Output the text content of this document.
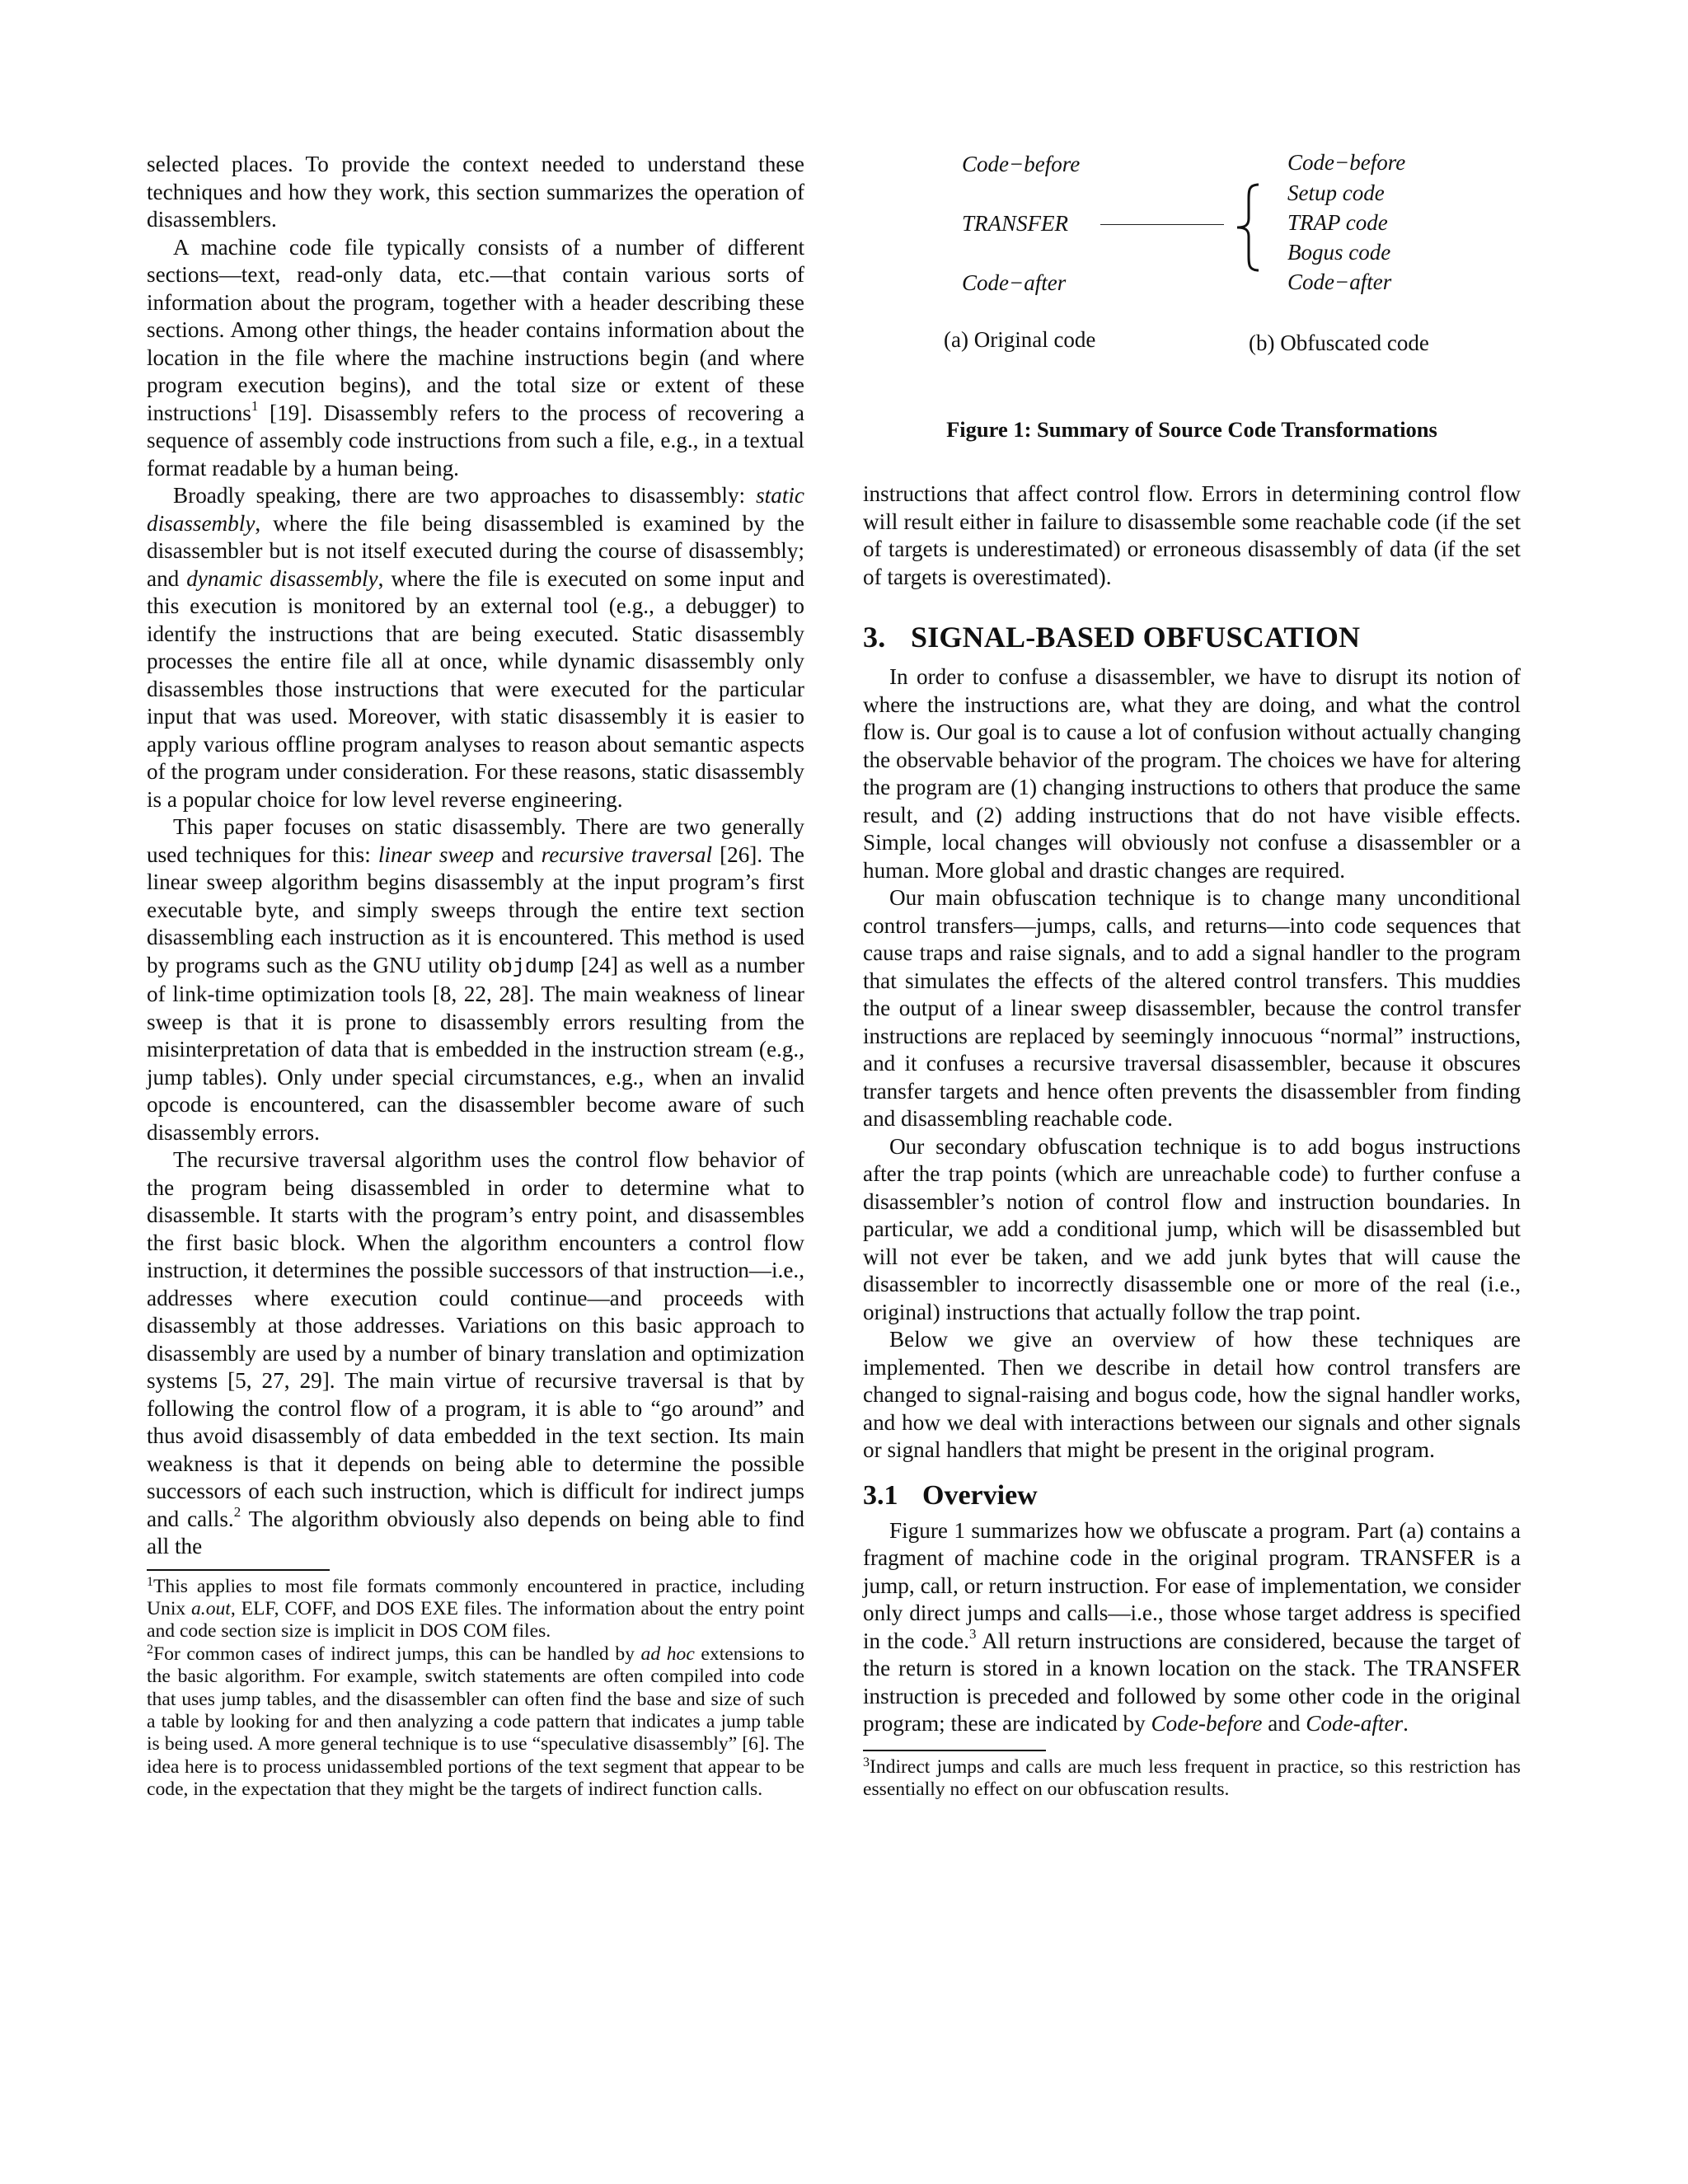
Code−before
TRANSFER
Code−after
Code−before
Setup code
TRAP code
Bogus code
Code−after
(a) Original code	(b) Obfuscated code
Figure 1: Summary of Source Code Transformations

selected places. To provide the context needed to understand these techniques and how they work, this section summarizes the operation of disassemblers.

A machine code file typically consists of a number of different sections—text, read-only data, etc.—that contain various sorts of information about the program, together with a header describing these sections. Among other things, the header contains information about the location in the file where the machine instructions begin (and where program execution begins), and the total size or extent of these instructions$^1$ [19]. Disassembly refers to the process of recovering a sequence of assembly code instructions from such a file, e.g., in a textual format readable by a human being.

Broadly speaking, there are two approaches to disassembly: static disassembly, where the file being disassembled is examined by the disassembler but is not itself executed during the course of disassembly; and dynamic disassembly, where the file is executed on some input and this execution is monitored by an external tool (e.g., a debugger) to identify the instructions that are being executed. Static disassembly processes the entire file all at once, while dynamic disassembly only disassembles those instructions that were executed for the particular input that was used. Moreover, with static disassembly it is easier to apply various offline program analyses to reason about semantic aspects of the program under consideration. For these reasons, static disassembly is a popular choice for low level reverse engineering.

This paper focuses on static disassembly. There are two generally used techniques for this: linear sweep and recursive traversal [26]. The linear sweep algorithm begins disassembly at the input program’s first executable byte, and simply sweeps through the entire text section disassembling each instruction as it is encountered. This method is used by programs such as the GNU utility objdump [24] as well as a number of link-time optimization tools [8, 22, 28]. The main weakness of linear sweep is that it is prone to disassembly errors resulting from the misinterpretation of data that is embedded in the instruction stream (e.g., jump tables). Only under special circumstances, e.g., when an invalid opcode is encountered, can the disassembler become aware of such disassembly errors.

The recursive traversal algorithm uses the control flow behavior of the program being disassembled in order to determine what to disassemble. It starts with the program’s entry point, and disassembles the first basic block. When the algorithm encounters a control flow instruction, it determines the possible successors of that instruction—i.e., addresses where execution could continue—and proceeds with disassembly at those addresses. Variations on this basic approach to disassembly are used by a number of binary translation and optimization systems [5, 27, 29]. The main virtue of recursive traversal is that by following the control flow of a program, it is able to “go around” and thus avoid disassembly of data embedded in the text section. Its main weakness is that it depends on being able to determine the possible successors of each such instruction, which is difficult for indirect jumps and calls.$^2$ The algorithm obviously also depends on being able to find all the

$^1$This applies to most file formats commonly encountered in practice, including Unix a.out, ELF, COFF, and DOS EXE files. The information about the entry point and code section size is implicit in DOS COM files.

$^2$For common cases of indirect jumps, this can be handled by ad hoc extensions to the basic algorithm. For example, switch statements are often compiled into code that uses jump tables, and the disassembler can often find the base and size of such a table by looking for and then analyzing a code pattern that indicates a jump table is being used. A more general technique is to use “speculative disassembly” [6]. The idea here is to process unidassembled portions of the text segment that appear to be code, in the expectation that they might be the targets of indirect function calls.

instructions that affect control flow. Errors in determining control flow will result either in failure to disassemble some reachable code (if the set of targets is underestimated) or erroneous disassembly of data (if the set of targets is overestimated).

3. SIGNAL-BASED OBFUSCATION

In order to confuse a disassembler, we have to disrupt its notion of where the instructions are, what they are doing, and what the control flow is. Our goal is to cause a lot of confusion without actually changing the observable behavior of the program. The choices we have for altering the program are (1) changing instructions to others that produce the same result, and (2) adding instructions that do not have visible effects. Simple, local changes will obviously not confuse a disassembler or a human. More global and drastic changes are required.

Our main obfuscation technique is to change many unconditional control transfers—jumps, calls, and returns—into code sequences that cause traps and raise signals, and to add a signal handler to the program that simulates the effects of the altered control transfers. This muddies the output of a linear sweep disassembler, because the control transfer instructions are replaced by seemingly innocuous “normal” instructions, and it confuses a recursive traversal disassembler, because it obscures transfer targets and hence often prevents the disassembler from finding and disassembling reachable code.

Our secondary obfuscation technique is to add bogus instructions after the trap points (which are unreachable code) to further confuse a disassembler’s notion of control flow and instruction boundaries. In particular, we add a conditional jump, which will be disassembled but will not ever be taken, and we add junk bytes that will cause the disassembler to incorrectly disassemble one or more of the real (i.e., original) instructions that actually follow the trap point.

Below we give an overview of how these techniques are implemented. Then we describe in detail how control transfers are changed to signal-raising and bogus code, how the signal handler works, and how we deal with interactions between our signals and other signals or signal handlers that might be present in the original program.

3.1 Overview

Figure 1 summarizes how we obfuscate a program. Part (a) contains a fragment of machine code in the original program. TRANSFER is a jump, call, or return instruction. For ease of implementation, we consider only direct jumps and calls—i.e., those whose target address is specified in the code.$^3$ All return instructions are considered, because the target of the return is stored in a known location on the stack. The TRANSFER instruction is preceded and followed by some other code in the original program; these are indicated by Code-before and Code-after.

$^3$Indirect jumps and calls are much less frequent in practice, so this restriction has essentially no effect on our obfuscation results.
